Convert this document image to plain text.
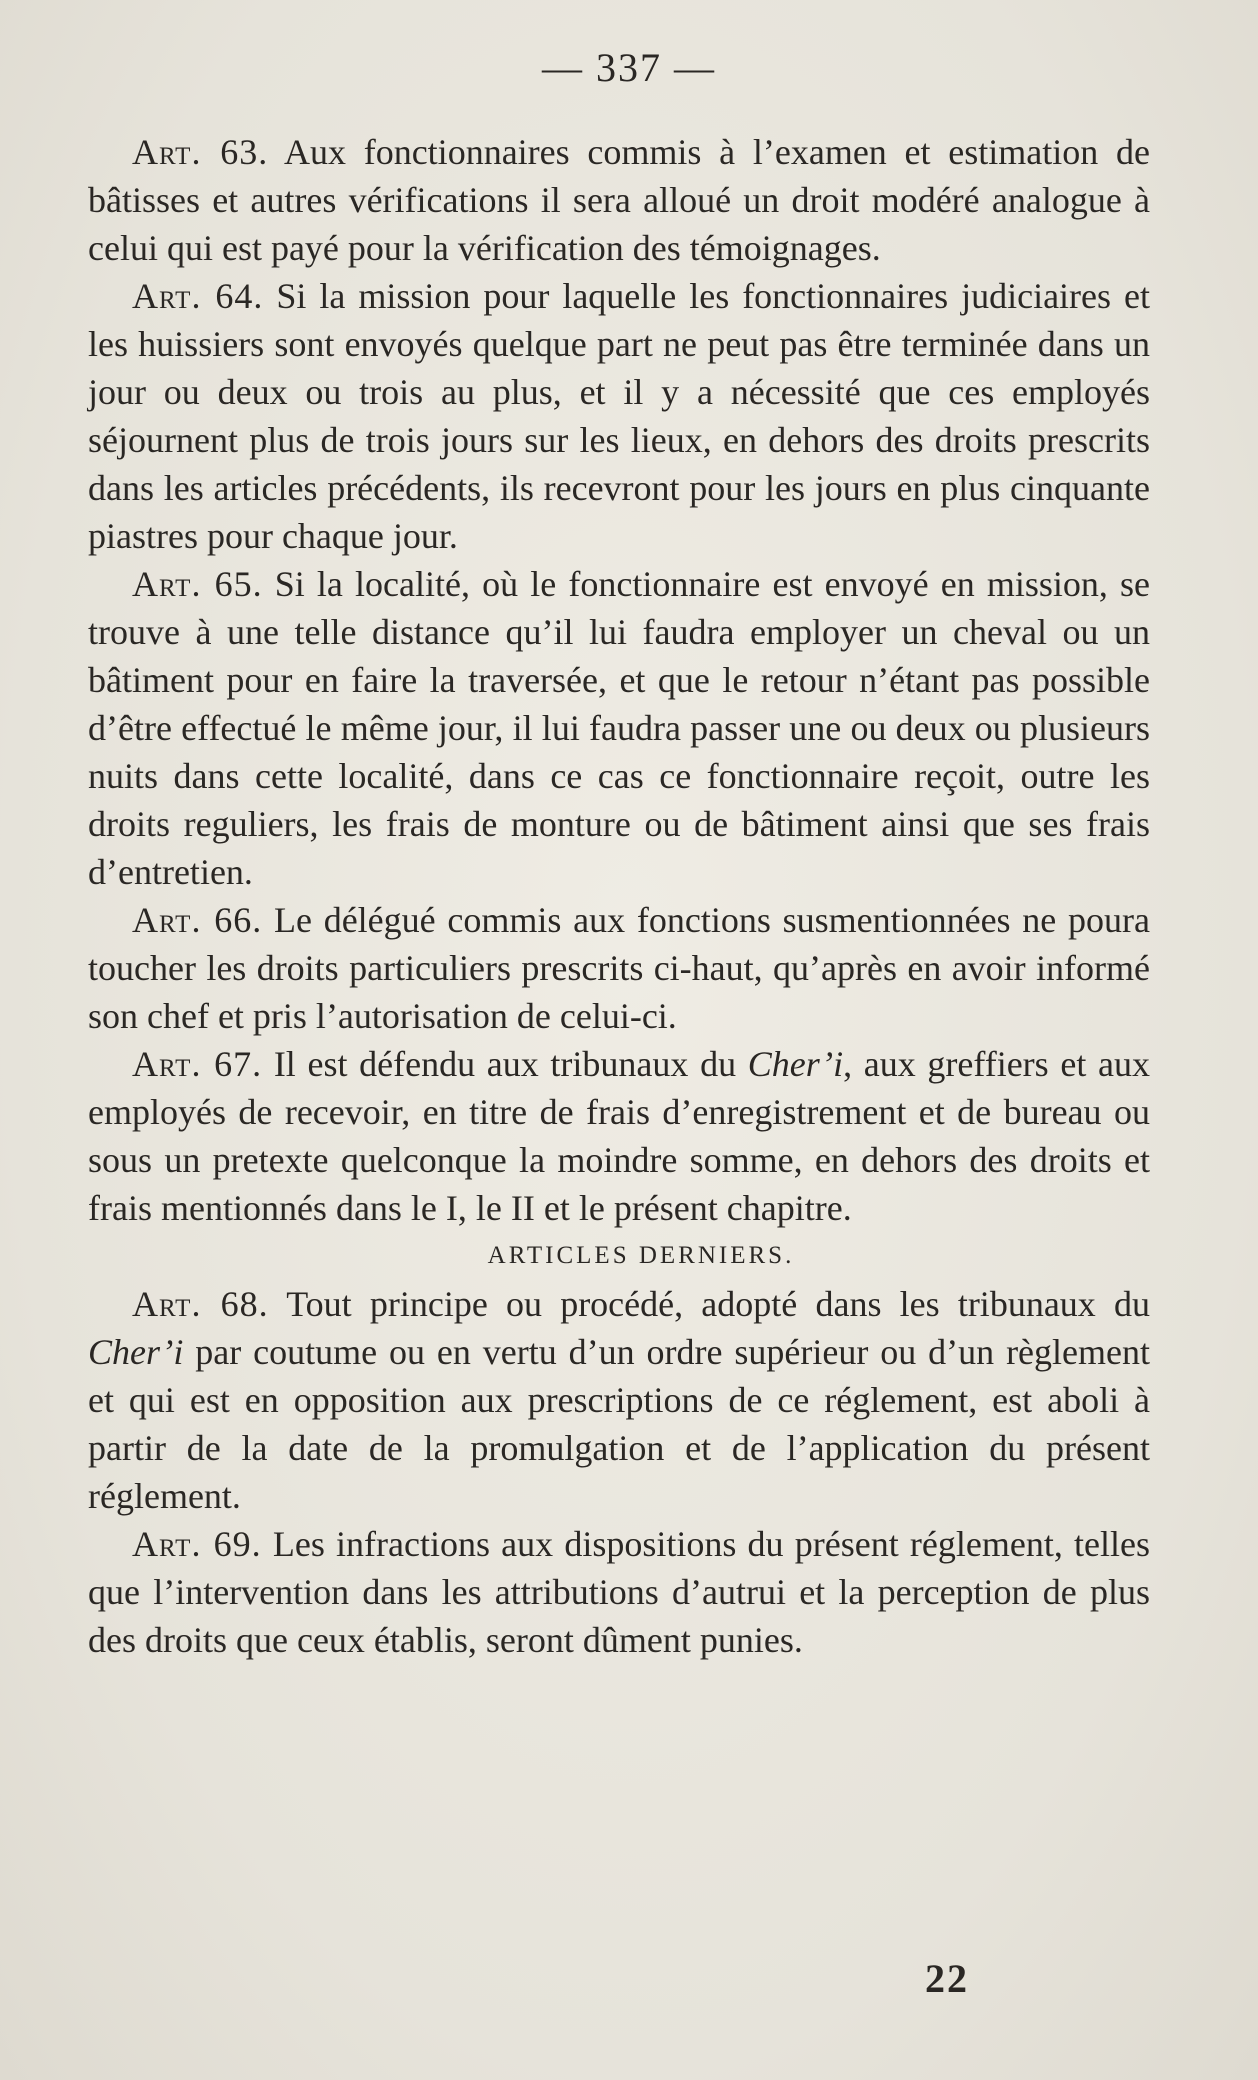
— 337 —

Art. 63. Aux fonctionnaires commis à l’examen et estimation de bâtisses et autres vérifications il sera alloué un droit modéré analogue à celui qui est payé pour la vérification des témoignages.

Art. 64. Si la mission pour laquelle les fonctionnaires judiciaires et les huissiers sont envoyés quelque part ne peut pas être terminée dans un jour ou deux ou trois au plus, et il y a nécessité que ces employés séjournent plus de trois jours sur les lieux, en dehors des droits prescrits dans les articles précédents, ils recevront pour les jours en plus cinquante piastres pour chaque jour.

Art. 65. Si la localité, où le fonctionnaire est envoyé en mission, se trouve à une telle distance qu’il lui faudra employer un cheval ou un bâtiment pour en faire la traversée, et que le retour n’étant pas possible d’être effectué le même jour, il lui faudra passer une ou deux ou plusieurs nuits dans cette localité, dans ce cas ce fonctionnaire reçoit, outre les droits reguliers, les frais de monture ou de bâtiment ainsi que ses frais d’entretien.

Art. 66. Le délégué commis aux fonctions susmentionnées ne poura toucher les droits particuliers prescrits ci-haut, qu’après en avoir informé son chef et pris l’autorisation de celui-ci.

Art. 67. Il est défendu aux tribunaux du Cher’i, aux greffiers et aux employés de recevoir, en titre de frais d’enregistrement et de bureau ou sous un pretexte quelconque la moindre somme, en dehors des droits et frais mentionnés dans le I, le II et le présent chapitre.

ARTICLES DERNIERS.

Art. 68. Tout principe ou procédé, adopté dans les tribunaux du Cher’i par coutume ou en vertu d’un ordre supérieur ou d’un règlement et qui est en opposition aux prescriptions de ce réglement, est aboli à partir de la date de la promulgation et de l’application du présent réglement.

Art. 69. Les infractions aux dispositions du présent réglement, telles que l’intervention dans les attributions d’autrui et la perception de plus des droits que ceux établis, seront dûment punies.

22
